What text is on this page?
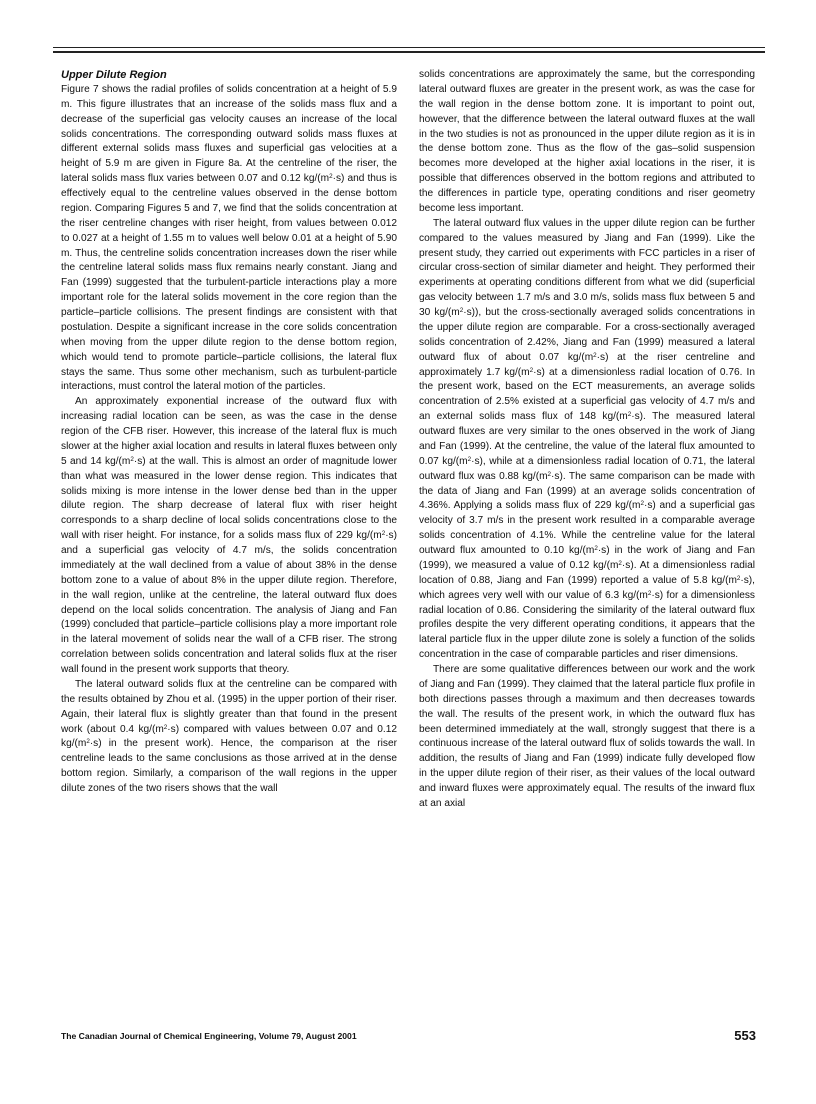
Upper Dilute Region

Figure 7 shows the radial profiles of solids concentration at a height of 5.9 m. This figure illustrates that an increase of the solids mass flux and a decrease of the superficial gas velocity causes an increase of the local solids concentrations. The corresponding outward solids mass fluxes at different external solids mass fluxes and superficial gas velocities at a height of 5.9 m are given in Figure 8a. At the centreline of the riser, the lateral solids mass flux varies between 0.07 and 0.12 $kg/(m^2\cdot s)$ and thus is effectively equal to the centreline values observed in the dense bottom region. Comparing Figures 5 and 7, we find that the solids concentration at the riser centreline changes with riser height, from values between 0.012 to 0.027 at a height of 1.55 m to values well below 0.01 at a height of 5.90 m. Thus, the centreline solids concentration increases down the riser while the centreline lateral solids mass flux remains nearly constant. Jiang and Fan (1999) suggested that the turbulent-particle interactions play a more important role for the lateral solids movement in the core region than the particle–particle collisions. The present findings are consistent with that postulation. Despite a significant increase in the core solids concentration when moving from the upper dilute region to the dense bottom region, which would tend to promote particle–particle collisions, the lateral flux stays the same. Thus some other mechanism, such as turbulent-particle interactions, must control the lateral motion of the particles.

An approximately exponential increase of the outward flux with increasing radial location can be seen, as was the case in the dense region of the CFB riser. However, this increase of the lateral flux is much slower at the higher axial location and results in lateral fluxes between only 5 and 14 $kg/(m^2\cdot s)$ at the wall. This is almost an order of magnitude lower than what was measured in the lower dense region. This indicates that solids mixing is more intense in the lower dense bed than in the upper dilute region. The sharp decrease of lateral flux with riser height corresponds to a sharp decline of local solids concentrations close to the wall with riser height. For instance, for a solids mass flux of 229 $kg/(m^2\cdot s)$ and a superficial gas velocity of 4.7 m/s, the solids concentration immediately at the wall declined from a value of about 38% in the dense bottom zone to a value of about 8% in the upper dilute region. Therefore, in the wall region, unlike at the centreline, the lateral outward flux does depend on the local solids concentration. The analysis of Jiang and Fan (1999) concluded that particle–particle collisions play a more important role in the lateral movement of solids near the wall of a CFB riser. The strong correlation between solids concentration and lateral solids flux at the riser wall found in the present work supports that theory.

The lateral outward solids flux at the centreline can be compared with the results obtained by Zhou et al. (1995) in the upper portion of their riser. Again, their lateral flux is slightly greater than that found in the present work (about 0.4 $kg/(m^2\cdot s)$ compared with values between 0.07 and 0.12 $kg/(m^2\cdot s)$ in the present work). Hence, the comparison at the riser centreline leads to the same conclusions as those arrived at in the dense bottom region. Similarly, a comparison of the wall regions in the upper dilute zones of the two risers shows that the wall

solids concentrations are approximately the same, but the corresponding lateral outward fluxes are greater in the present work, as was the case for the wall region in the dense bottom zone. It is important to point out, however, that the difference between the lateral outward fluxes at the wall in the two studies is not as pronounced in the upper dilute region as it is in the dense bottom zone. Thus as the flow of the gas–solid suspension becomes more developed at the higher axial locations in the riser, it is possible that differences observed in the bottom regions and attributed to the differences in particle type, operating conditions and riser geometry become less important.

The lateral outward flux values in the upper dilute region can be further compared to the values measured by Jiang and Fan (1999). Like the present study, they carried out experiments with FCC particles in a riser of circular cross-section of similar diameter and height. They performed their experiments at operating conditions different from what we did (superficial gas velocity between 1.7 m/s and 3.0 m/s, solids mass flux between 5 and 30 $kg/(m^2\cdot s)$), but the cross-sectionally averaged solids concentrations in the upper dilute region are comparable. For a cross-sectionally averaged solids concentration of 2.42%, Jiang and Fan (1999) measured a lateral outward flux of about 0.07 $kg/(m^2\cdot s)$ at the riser centreline and approximately 1.7 $kg/(m^2\cdot s)$ at a dimensionless radial location of 0.76. In the present work, based on the ECT measurements, an average solids concentration of 2.5% existed at a superficial gas velocity of 4.7 m/s and an external solids mass flux of 148 $kg/(m^2\cdot s)$. The measured lateral outward fluxes are very similar to the ones observed in the work of Jiang and Fan (1999). At the centreline, the value of the lateral flux amounted to 0.07 $kg/(m^2\cdot s)$, while at a dimensionless radial location of 0.71, the lateral outward flux was 0.88 $kg/(m^2\cdot s)$. The same comparison can be made with the data of Jiang and Fan (1999) at an average solids concentration of 4.36%. Applying a solids mass flux of 229 $kg/(m^2\cdot s)$ and a superficial gas velocity of 3.7 m/s in the present work resulted in a comparable average solids concentration of 4.1%. While the centreline value for the lateral outward flux amounted to 0.10 $kg/(m^2\cdot s)$ in the work of Jiang and Fan (1999), we measured a value of 0.12 $kg/(m^2\cdot s)$. At a dimensionless radial location of 0.88, Jiang and Fan (1999) reported a value of 5.8 $kg/(m^2\cdot s)$, which agrees very well with our value of 6.3 $kg/(m^2\cdot s)$ for a dimensionless radial location of 0.86. Considering the similarity of the lateral outward flux profiles despite the very different operating conditions, it appears that the lateral particle flux in the upper dilute zone is solely a function of the solids concentration in the case of comparable particles and riser dimensions.

There are some qualitative differences between our work and the work of Jiang and Fan (1999). They claimed that the lateral particle flux profile in both directions passes through a maximum and then decreases towards the wall. The results of the present work, in which the outward flux has been determined immediately at the wall, strongly suggest that there is a continuous increase of the lateral outward flux of solids towards the wall. In addition, the results of Jiang and Fan (1999) indicate fully developed flow in the upper dilute region of their riser, as their values of the local outward and inward fluxes were approximately equal. The results of the inward flux at an axial

The Canadian Journal of Chemical Engineering, Volume 79, August 2001	553
